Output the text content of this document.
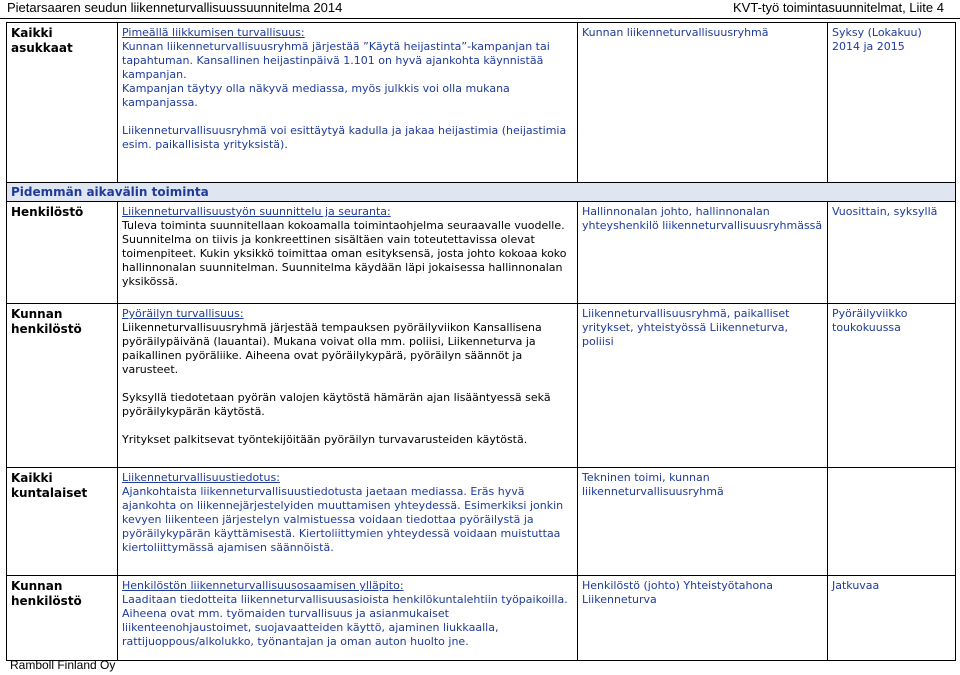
Pietarsaaren seudun liikenneturvallisuussuunnitelma 2014	KVT-työ toimintasuunnitelmat, Liite 4
Kaikki asukkaat	Pimeällä liikkumisen turvallisuus:

Kunnan liikenneturvallisuusryhmä järjestää ”Käytä heijastinta”-kampanjan tai tapahtuman. Kansallinen heijastinpäivä 1.101 on hyvä ajankohta käynnistää kampanjan.

Kampanjan täytyy olla näkyvä mediassa, myös julkkis voi olla mukana kampanjassa.

Liikenneturvallisuusryhmä voi esittäytyä kadulla ja jakaa heijastimia (heijastimia esim. paikallisista yrityksistä).	Kunnan liikenneturvallisuusryhmä	Syksy (Lokakuu) 2014 ja 2015
Pidemmän aikavälin toiminta			
Henkilöstö	Liikenneturvallisuustyön suunnittelu ja seuranta:

Tuleva toiminta suunnitellaan kokoamalla toimintaohjelma seuraavalle vuodelle. Suunnitelma on tiivis ja konkreettinen sisältäen vain toteutettavissa olevat toimenpiteet. Kukin yksikkö toimittaa oman esityksensä, josta johto kokoaa koko hallinnonalan suunnitelman. Suunnitelma käydään läpi jokaisessa hallinnonalan yksikössä.	Hallinnonalan johto, hallinnonalan yhteyshenkilö liikenneturvallisuusryhmässä	Vuosittain, syksyllä
Kunnan henkilöstö	Pyöräilyn turvallisuus:

Liikenneturvallisuusryhmä järjestää tempauksen pyöräilyviikon Kansallisena pyöräilypäivänä (lauantai). Mukana voivat olla mm. poliisi, Liikenneturva ja paikallinen pyöräliike. Aiheena ovat pyöräilykypärä, pyöräilyn säännöt ja varusteet.

Syksyllä tiedotetaan pyörän valojen käytöstä hämärän ajan lisääntyessä sekä pyöräilykypärän käytöstä.

Yritykset palkitsevat työntekijöitään pyöräilyn turvavarusteiden käytöstä.	Liikenneturvallisuusryhmä, paikalliset yritykset, yhteistyössä Liikenneturva, poliisi	Pyöräilyviikko toukokuussa
Kaikki kuntalaiset	Liikenneturvallisuustiedotus:

Ajankohtaista liikenneturvallisuustiedotusta jaetaan mediassa. Eräs hyvä ajankohta on liikennejärjestelyiden muuttamisen yhteydessä. Esimerkiksi jonkin kevyen liikenteen järjestelyn valmistuessa voidaan tiedottaa pyöräilystä ja pyöräilykypärän käyttämisestä. Kiertoliittymien yhteydessä voidaan muistuttaa kiertoliittymässä ajamisen säännöistä.	Tekninen toimi, kunnan liikenneturvallisuusryhmä	
Kunnan henkilöstö	Henkilöstön liikenneturvallisuusosaamisen ylläpito:

Laaditaan tiedotteita liikenneturvallisuusasioista henkilökuntalehtiin työpaikoilla. Aiheena ovat mm. työmaiden turvallisuus ja asianmukaiset liikenteenohjaustoimet, suojavaatteiden käyttö, ajaminen liukkaalla, rattijuoppous/alkolukko, työnantajan ja oman auton huolto jne.	Henkilöstö (johto) Yhteistyötahona Liikenneturva	Jatkuvaa
Ramboll Finland Oy
